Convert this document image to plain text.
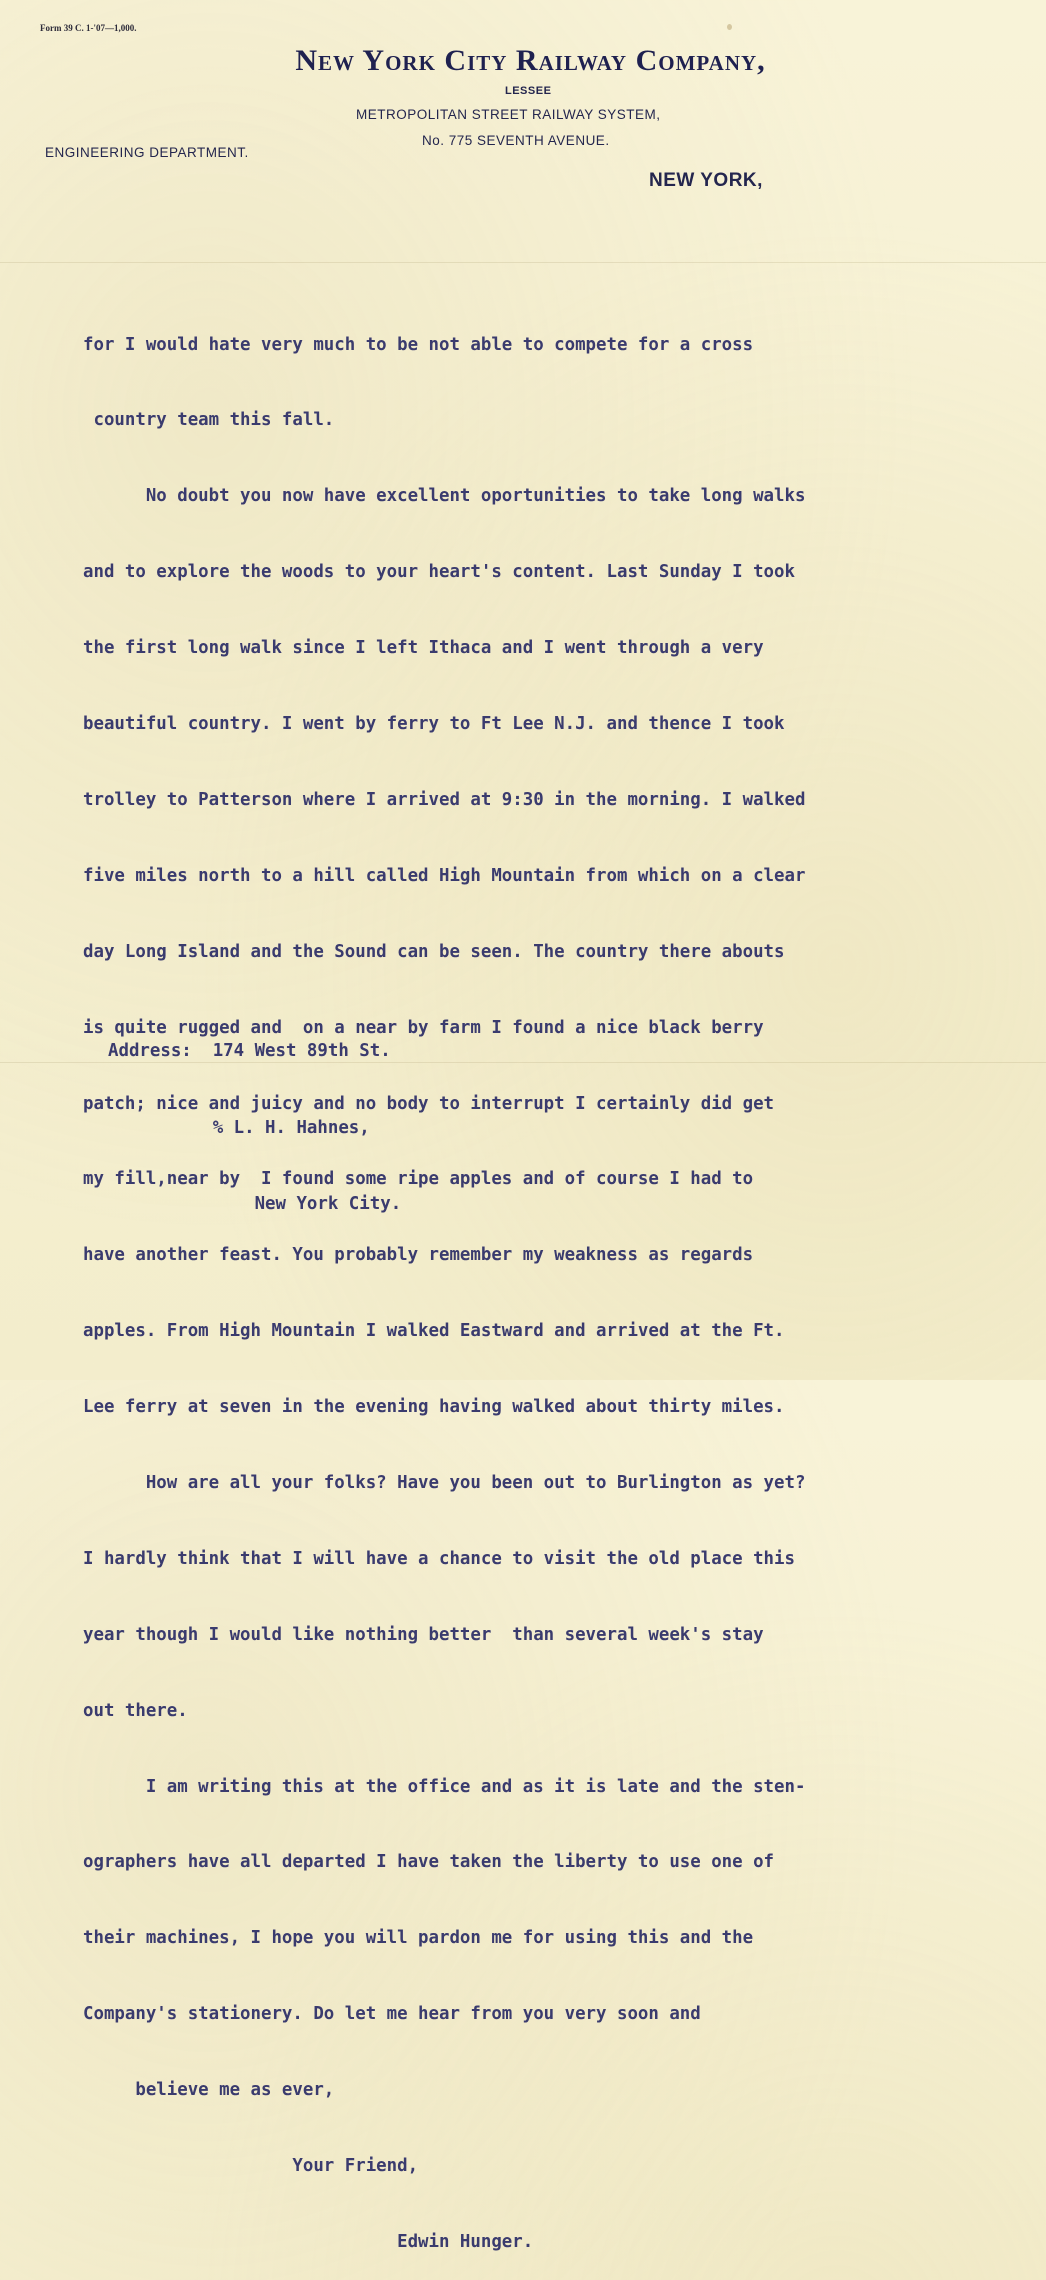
Form 39 C. 1-'07—1,000.
New York City Railway Company,
LESSEE
METROPOLITAN STREET RAILWAY SYSTEM,
No. 775 SEVENTH AVENUE.
ENGINEERING DEPARTMENT.
NEW YORK,

for I would hate very much to be not able to compete for a cross

country team this fall.

No doubt you now have excellent oportunities to take long walks

and to explore the woods to your heart's content. Last Sunday I took

the first long walk since I left Ithaca and I went through a very

beautiful country. I went by ferry to Ft Lee N.J. and thence I took

trolley to Patterson where I arrived at 9:30 in the morning. I walked

five miles north to a hill called High Mountain from which on a clear

day Long Island and the Sound can be seen. The country there abouts

is quite rugged and  on a near by farm I found a nice black berry

patch; nice and juicy and no body to interrupt I certainly did get

my fill,near by  I found some ripe apples and of course I had to

have another feast. You probably remember my weakness as regards

apples. From High Mountain I walked Eastward and arrived at the Ft.

Lee ferry at seven in the evening having walked about thirty miles.

How are all your folks? Have you been out to Burlington as yet?

I hardly think that I will have a chance to visit the old place this

year though I would like nothing better  than several week's stay

out there.

I am writing this at the office and as it is late and the sten-

ographers have all departed I have taken the liberty to use one of

their machines, I hope you will pardon me for using this and the

Company's stationery. Do let me hear from you very soon and

believe me as ever,

Your Friend,

Edwin Hunger.

Address:  174 West 89th St.

% L. H. Hahnes,

New York City.
